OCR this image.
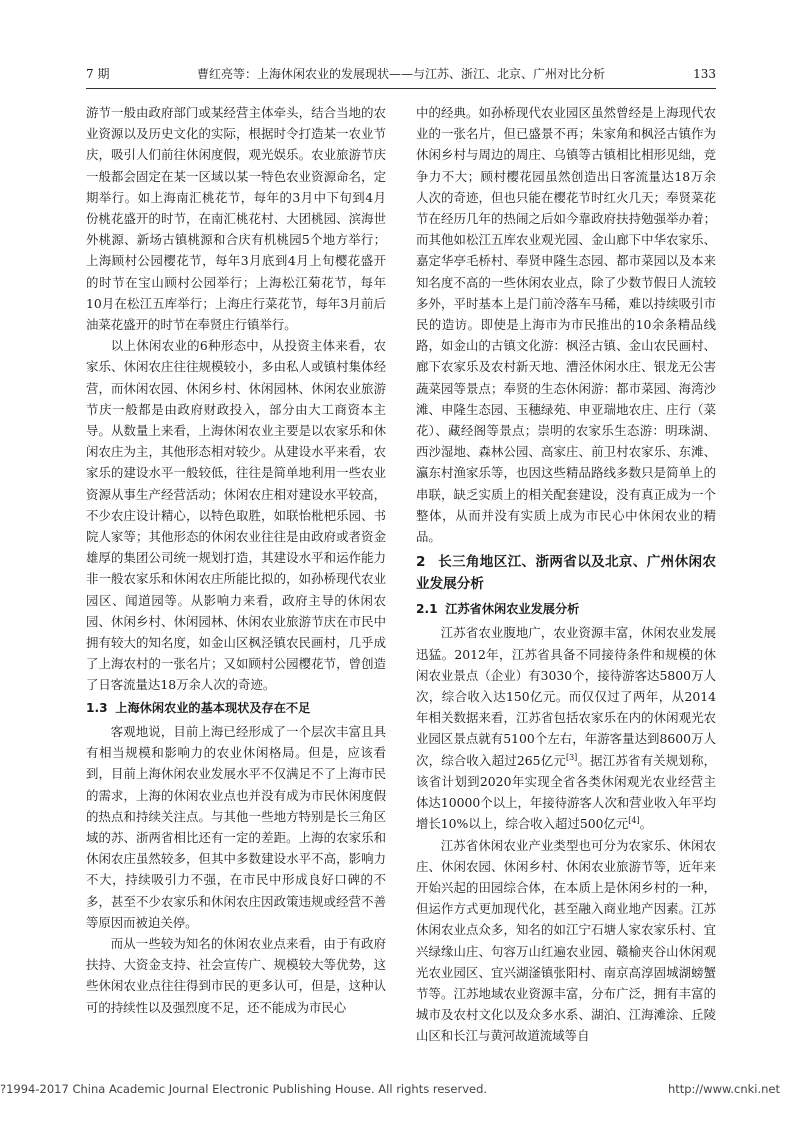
7 期	曹红亮等：上海休闲农业的发展现状——与江苏、浙江、北京、广州对比分析	133

游节一般由政府部门或某经营主体牵头，结合当地的农业资源以及历史文化的实际，根据时令打造某一农业节庆，吸引人们前往休闲度假，观光娱乐。农业旅游节庆一般都会固定在某一区域以某一特色农业资源命名，定期举行。如上海南汇桃花节，每年的3月中下旬到4月份桃花盛开的时节，在南汇桃花村、大团桃园、滨海世外桃源、新场古镇桃源和合庆有机桃园5个地方举行；上海顾村公园樱花节，每年3月底到4月上旬樱花盛开的时节在宝山顾村公园举行；上海松江菊花节，每年10月在松江五库举行；上海庄行菜花节，每年3月前后油菜花盛开的时节在奉贤庄行镇举行。

以上休闲农业的6种形态中，从投资主体来看，农家乐、休闲农庄往往规模较小，多由私人或镇村集体经营，而休闲农园、休闲乡村、休闲园林、休闲农业旅游节庆一般都是由政府财政投入，部分由大工商资本主导。从数量上来看，上海休闲农业主要是以农家乐和休闲农庄为主，其他形态相对较少。从建设水平来看，农家乐的建设水平一般较低，往往是简单地利用一些农业资源从事生产经营活动；休闲农庄相对建设水平较高，不少农庄设计精心，以特色取胜，如联怡枇杷乐园、书院人家等；其他形态的休闲农业往往是由政府或者资金雄厚的集团公司统一规划打造，其建设水平和运作能力非一般农家乐和休闲农庄所能比拟的，如孙桥现代农业园区、闻道园等。从影响力来看，政府主导的休闲农园、休闲乡村、休闲园林、休闲农业旅游节庆在市民中拥有较大的知名度，如金山区枫泾镇农民画村，几乎成了上海农村的一张名片；又如顾村公园樱花节，曾创造了日客流量达18万余人次的奇迹。

1.3 上海休闲农业的基本现状及存在不足

客观地说，目前上海已经形成了一个层次丰富且具有相当规模和影响力的农业休闲格局。但是，应该看到，目前上海休闲农业发展水平不仅满足不了上海市民的需求，上海的休闲农业点也并没有成为市民休闲度假的热点和持续关注点。与其他一些地方特别是长三角区域的苏、浙两省相比还有一定的差距。上海的农家乐和休闲农庄虽然较多，但其中多数建设水平不高，影响力不大，持续吸引力不强，在市民中形成良好口碑的不多，甚至不少农家乐和休闲农庄因政策违规或经营不善等原因而被迫关停。

而从一些较为知名的休闲农业点来看，由于有政府扶持、大资金支持、社会宣传广、规模较大等优势，这些休闲农业点往往得到市民的更多认可，但是，这种认可的持续性以及强烈度不足，还不能成为市民心

中的经典。如孙桥现代农业园区虽然曾经是上海现代农业的一张名片，但已盛景不再；朱家角和枫泾古镇作为休闲乡村与周边的周庄、乌镇等古镇相比相形见绌，竞争力不大；顾村樱花园虽然创造出日客流量达18万余人次的奇迹，但也只能在樱花节时红火几天；奉贤菜花节在经历几年的热闹之后如今靠政府扶持勉强举办着；而其他如松江五库农业观光园、金山廊下中华农家乐、嘉定华亭毛桥村、奉贤申隆生态园、都市菜园以及本来知名度不高的一些休闲农业点，除了少数节假日人流较多外，平时基本上是门前冷落车马稀，难以持续吸引市民的造访。即使是上海市为市民推出的10余条精品线路，如金山的古镇文化游：枫泾古镇、金山农民画村、廊下农家乐及农村新天地、漕泾休闲水庄、银龙无公害蔬菜园等景点；奉贤的生态休闲游：都市菜园、海湾沙滩、申隆生态园、玉穗绿苑、申亚瑞地农庄、庄行（菜花）、藏经阁等景点；崇明的农家乐生态游：明珠湖、西沙湿地、森林公园、高家庄、前卫村农家乐、东滩、瀛东村渔家乐等，也因这些精品路线多数只是简单上的串联，缺乏实质上的相关配套建设，没有真正成为一个整体，从而并没有实质上成为市民心中休闲农业的精品。

2 长三角地区江、浙两省以及北京、广州休闲农业发展分析
2.1 江苏省休闲农业发展分析

江苏省农业腹地广，农业资源丰富，休闲农业发展迅猛。2012年，江苏省具备不同接待条件和规模的休闲农业景点（企业）有3030个，接待游客达5800万人次，综合收入达150亿元。而仅仅过了两年，从2014年相关数据来看，江苏省包括农家乐在内的休闲观光农业园区景点就有5100个左右，年游客量达到8600万人次，综合收入超过265亿元[3]。据江苏省有关规划称，该省计划到2020年实现全省各类休闲观光农业经营主体达10000个以上，年接待游客人次和营业收入年平均增长10%以上，综合收入超过500亿元[4]。

江苏省休闲农业产业类型也可分为农家乐、休闲农庄、休闲农园、休闲乡村、休闲农业旅游节等，近年来开始兴起的田园综合体，在本质上是休闲乡村的一种，但运作方式更加现代化，甚至融入商业地产因素。江苏休闲农业点众多，知名的如江宁石塘人家农家乐村、宜兴绿缘山庄、句容万山红遍农业园、赣榆夹谷山休闲观光农业园区、宜兴湖滏镇张阳村、南京高淳固城湖螃蟹节等。江苏地域农业资源丰富，分布广泛，拥有丰富的城市及农村文化以及众多水系、湖泊、江海滩涂、丘陵山区和长江与黄河故道流域等自

?1994-2017 China Academic Journal Electronic Publishing House. All rights reserved.	http://www.cnki.net
